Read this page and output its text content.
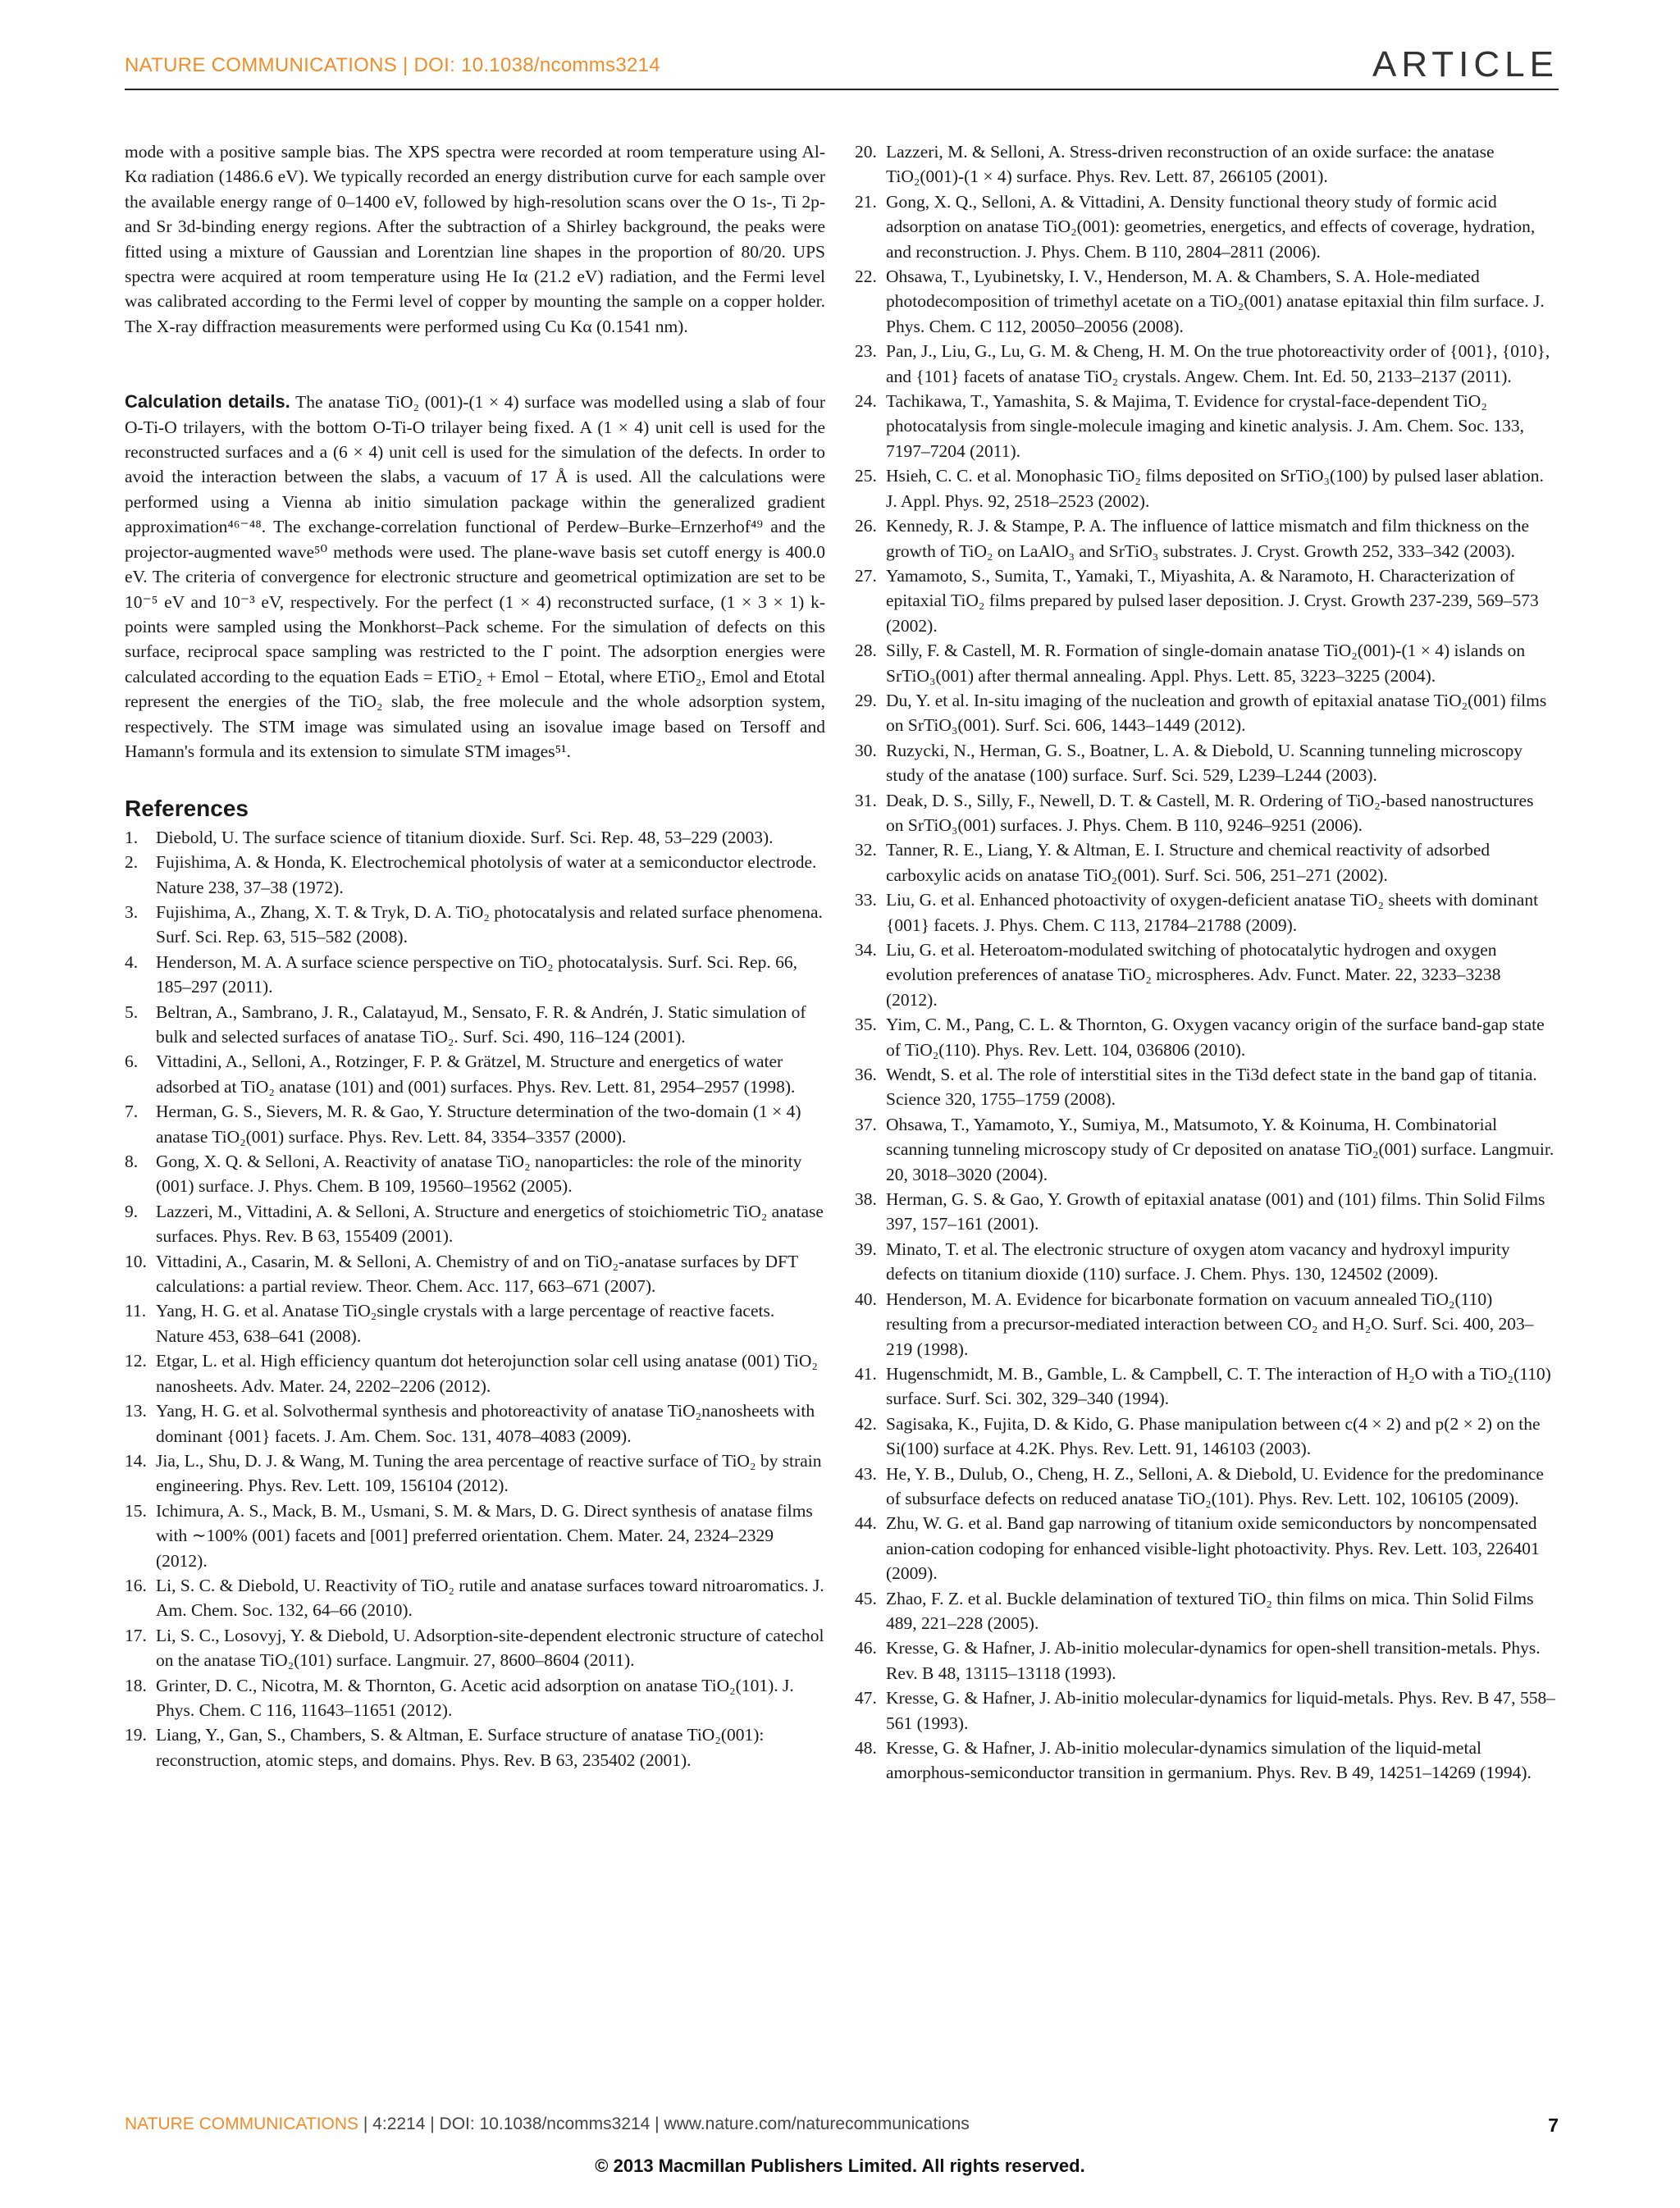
NATURE COMMUNICATIONS | DOI: 10.1038/ncomms3214	ARTICLE

mode with a positive sample bias. The XPS spectra were recorded at room temperature using Al-Kα radiation (1486.6 eV). We typically recorded an energy distribution curve for each sample over the available energy range of 0–1400 eV, followed by high-resolution scans over the O 1s-, Ti 2p- and Sr 3d-binding energy regions. After the subtraction of a Shirley background, the peaks were fitted using a mixture of Gaussian and Lorentzian line shapes in the proportion of 80/20. UPS spectra were acquired at room temperature using He Iα (21.2 eV) radiation, and the Fermi level was calibrated according to the Fermi level of copper by mounting the sample on a copper holder. The X-ray diffraction measurements were performed using Cu Kα (0.1541 nm).

Calculation details. The anatase TiO₂ (001)-(1 × 4) surface was modelled using a slab of four O-Ti-O trilayers, with the bottom O-Ti-O trilayer being fixed. A (1 × 4) unit cell is used for the reconstructed surfaces and a (6 × 4) unit cell is used for the simulation of the defects. In order to avoid the interaction between the slabs, a vacuum of 17 Å is used. All the calculations were performed using a Vienna ab initio simulation package within the generalized gradient approximation⁴⁶⁻⁴⁸. The exchange-correlation functional of Perdew–Burke–Ernzerhof⁴⁹ and the projector-augmented wave⁵⁰ methods were used. The plane-wave basis set cutoff energy is 400.0 eV. The criteria of convergence for electronic structure and geometrical optimization are set to be 10⁻⁵ eV and 10⁻³ eV, respectively. For the perfect (1 × 4) reconstructed surface, (1 × 3 × 1) k-points were sampled using the Monkhorst–Pack scheme. For the simulation of defects on this surface, reciprocal space sampling was restricted to the Γ point. The adsorption energies were calculated according to the equation Eads = ETiO₂ + Emol − Etotal, where ETiO₂, Emol and Etotal represent the energies of the TiO₂ slab, the free molecule and the whole adsorption system, respectively. The STM image was simulated using an isovalue image based on Tersoff and Hamann's formula and its extension to simulate STM images⁵¹.

References
1. Diebold, U. The surface science of titanium dioxide. Surf. Sci. Rep. 48, 53–229 (2003).
2. Fujishima, A. & Honda, K. Electrochemical photolysis of water at a semiconductor electrode. Nature 238, 37–38 (1972).
3. Fujishima, A., Zhang, X. T. & Tryk, D. A. TiO₂ photocatalysis and related surface phenomena. Surf. Sci. Rep. 63, 515–582 (2008).
4. Henderson, M. A. A surface science perspective on TiO₂ photocatalysis. Surf. Sci. Rep. 66, 185–297 (2011).
5. Beltran, A., Sambrano, J. R., Calatayud, M., Sensato, F. R. & Andrén, J. Static simulation of bulk and selected surfaces of anatase TiO₂. Surf. Sci. 490, 116–124 (2001).
6. Vittadini, A., Selloni, A., Rotzinger, F. P. & Grätzel, M. Structure and energetics of water adsorbed at TiO₂ anatase (101) and (001) surfaces. Phys. Rev. Lett. 81, 2954–2957 (1998).
7. Herman, G. S., Sievers, M. R. & Gao, Y. Structure determination of the two-domain (1 × 4) anatase TiO₂(001) surface. Phys. Rev. Lett. 84, 3354–3357 (2000).
8. Gong, X. Q. & Selloni, A. Reactivity of anatase TiO₂ nanoparticles: the role of the minority (001) surface. J. Phys. Chem. B 109, 19560–19562 (2005).
9. Lazzeri, M., Vittadini, A. & Selloni, A. Structure and energetics of stoichiometric TiO₂ anatase surfaces. Phys. Rev. B 63, 155409 (2001).
10. Vittadini, A., Casarin, M. & Selloni, A. Chemistry of and on TiO₂-anatase surfaces by DFT calculations: a partial review. Theor. Chem. Acc. 117, 663–671 (2007).
11. Yang, H. G. et al. Anatase TiO₂single crystals with a large percentage of reactive facets. Nature 453, 638–641 (2008).
12. Etgar, L. et al. High efficiency quantum dot heterojunction solar cell using anatase (001) TiO₂ nanosheets. Adv. Mater. 24, 2202–2206 (2012).
13. Yang, H. G. et al. Solvothermal synthesis and photoreactivity of anatase TiO₂nanosheets with dominant {001} facets. J. Am. Chem. Soc. 131, 4078–4083 (2009).
14. Jia, L., Shu, D. J. & Wang, M. Tuning the area percentage of reactive surface of TiO₂ by strain engineering. Phys. Rev. Lett. 109, 156104 (2012).
15. Ichimura, A. S., Mack, B. M., Usmani, S. M. & Mars, D. G. Direct synthesis of anatase films with ∼100% (001) facets and [001] preferred orientation. Chem. Mater. 24, 2324–2329 (2012).
16. Li, S. C. & Diebold, U. Reactivity of TiO₂ rutile and anatase surfaces toward nitroaromatics. J. Am. Chem. Soc. 132, 64–66 (2010).
17. Li, S. C., Losovyj, Y. & Diebold, U. Adsorption-site-dependent electronic structure of catechol on the anatase TiO₂(101) surface. Langmuir. 27, 8600–8604 (2011).
18. Grinter, D. C., Nicotra, M. & Thornton, G. Acetic acid adsorption on anatase TiO₂(101). J. Phys. Chem. C 116, 11643–11651 (2012).
19. Liang, Y., Gan, S., Chambers, S. & Altman, E. Surface structure of anatase TiO₂(001): reconstruction, atomic steps, and domains. Phys. Rev. B 63, 235402 (2001).
20. Lazzeri, M. & Selloni, A. Stress-driven reconstruction of an oxide surface: the anatase TiO₂(001)-(1 × 4) surface. Phys. Rev. Lett. 87, 266105 (2001).
21. Gong, X. Q., Selloni, A. & Vittadini, A. Density functional theory study of formic acid adsorption on anatase TiO₂(001): geometries, energetics, and effects of coverage, hydration, and reconstruction. J. Phys. Chem. B 110, 2804–2811 (2006).
22. Ohsawa, T., Lyubinetsky, I. V., Henderson, M. A. & Chambers, S. A. Hole-mediated photodecomposition of trimethyl acetate on a TiO₂(001) anatase epitaxial thin film surface. J. Phys. Chem. C 112, 20050–20056 (2008).
23. Pan, J., Liu, G., Lu, G. M. & Cheng, H. M. On the true photoreactivity order of {001}, {010}, and {101} facets of anatase TiO₂ crystals. Angew. Chem. Int. Ed. 50, 2133–2137 (2011).
24. Tachikawa, T., Yamashita, S. & Majima, T. Evidence for crystal-face-dependent TiO₂ photocatalysis from single-molecule imaging and kinetic analysis. J. Am. Chem. Soc. 133, 7197–7204 (2011).
25. Hsieh, C. C. et al. Monophasic TiO₂ films deposited on SrTiO₃(100) by pulsed laser ablation. J. Appl. Phys. 92, 2518–2523 (2002).
26. Kennedy, R. J. & Stampe, P. A. The influence of lattice mismatch and film thickness on the growth of TiO₂ on LaAlO₃ and SrTiO₃ substrates. J. Cryst. Growth 252, 333–342 (2003).
27. Yamamoto, S., Sumita, T., Yamaki, T., Miyashita, A. & Naramoto, H. Characterization of epitaxial TiO₂ films prepared by pulsed laser deposition. J. Cryst. Growth 237-239, 569–573 (2002).
28. Silly, F. & Castell, M. R. Formation of single-domain anatase TiO₂(001)-(1 × 4) islands on SrTiO₃(001) after thermal annealing. Appl. Phys. Lett. 85, 3223–3225 (2004).
29. Du, Y. et al. In-situ imaging of the nucleation and growth of epitaxial anatase TiO₂(001) films on SrTiO₃(001). Surf. Sci. 606, 1443–1449 (2012).
30. Ruzycki, N., Herman, G. S., Boatner, L. A. & Diebold, U. Scanning tunneling microscopy study of the anatase (100) surface. Surf. Sci. 529, L239–L244 (2003).
31. Deak, D. S., Silly, F., Newell, D. T. & Castell, M. R. Ordering of TiO₂-based nanostructures on SrTiO₃(001) surfaces. J. Phys. Chem. B 110, 9246–9251 (2006).
32. Tanner, R. E., Liang, Y. & Altman, E. I. Structure and chemical reactivity of adsorbed carboxylic acids on anatase TiO₂(001). Surf. Sci. 506, 251–271 (2002).
33. Liu, G. et al. Enhanced photoactivity of oxygen-deficient anatase TiO₂ sheets with dominant {001} facets. J. Phys. Chem. C 113, 21784–21788 (2009).
34. Liu, G. et al. Heteroatom-modulated switching of photocatalytic hydrogen and oxygen evolution preferences of anatase TiO₂ microspheres. Adv. Funct. Mater. 22, 3233–3238 (2012).
35. Yim, C. M., Pang, C. L. & Thornton, G. Oxygen vacancy origin of the surface band-gap state of TiO₂(110). Phys. Rev. Lett. 104, 036806 (2010).
36. Wendt, S. et al. The role of interstitial sites in the Ti3d defect state in the band gap of titania. Science 320, 1755–1759 (2008).
37. Ohsawa, T., Yamamoto, Y., Sumiya, M., Matsumoto, Y. & Koinuma, H. Combinatorial scanning tunneling microscopy study of Cr deposited on anatase TiO₂(001) surface. Langmuir. 20, 3018–3020 (2004).
38. Herman, G. S. & Gao, Y. Growth of epitaxial anatase (001) and (101) films. Thin Solid Films 397, 157–161 (2001).
39. Minato, T. et al. The electronic structure of oxygen atom vacancy and hydroxyl impurity defects on titanium dioxide (110) surface. J. Chem. Phys. 130, 124502 (2009).
40. Henderson, M. A. Evidence for bicarbonate formation on vacuum annealed TiO₂(110) resulting from a precursor-mediated interaction between CO₂ and H₂O. Surf. Sci. 400, 203–219 (1998).
41. Hugenschmidt, M. B., Gamble, L. & Campbell, C. T. The interaction of H₂O with a TiO₂(110) surface. Surf. Sci. 302, 329–340 (1994).
42. Sagisaka, K., Fujita, D. & Kido, G. Phase manipulation between c(4 × 2) and p(2 × 2) on the Si(100) surface at 4.2K. Phys. Rev. Lett. 91, 146103 (2003).
43. He, Y. B., Dulub, O., Cheng, H. Z., Selloni, A. & Diebold, U. Evidence for the predominance of subsurface defects on reduced anatase TiO₂(101). Phys. Rev. Lett. 102, 106105 (2009).
44. Zhu, W. G. et al. Band gap narrowing of titanium oxide semiconductors by noncompensated anion-cation codoping for enhanced visible-light photoactivity. Phys. Rev. Lett. 103, 226401 (2009).
45. Zhao, F. Z. et al. Buckle delamination of textured TiO₂ thin films on mica. Thin Solid Films 489, 221–228 (2005).
46. Kresse, G. & Hafner, J. Ab-initio molecular-dynamics for open-shell transition-metals. Phys. Rev. B 48, 13115–13118 (1993).
47. Kresse, G. & Hafner, J. Ab-initio molecular-dynamics for liquid-metals. Phys. Rev. B 47, 558–561 (1993).
48. Kresse, G. & Hafner, J. Ab-initio molecular-dynamics simulation of the liquid-metal amorphous-semiconductor transition in germanium. Phys. Rev. B 49, 14251–14269 (1994).
NATURE COMMUNICATIONS | 4:2214 | DOI: 10.1038/ncomms3214 | www.nature.com/naturecommunications	7
© 2013 Macmillan Publishers Limited. All rights reserved.
